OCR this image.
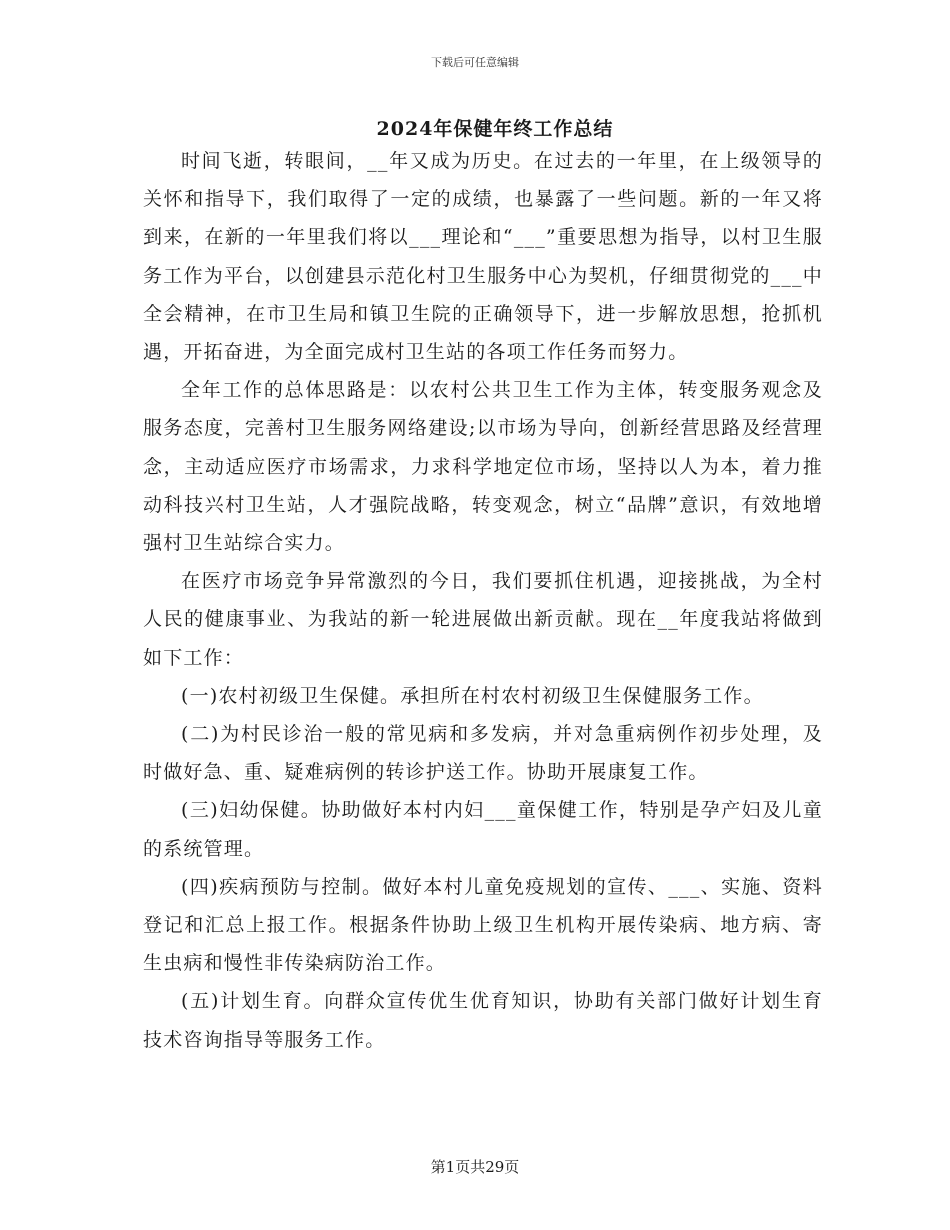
下载后可任意编辑
2024年保健年终工作总结

时间飞逝，转眼间，__年又成为历史。在过去的一年里，在上级领导的关怀和指导下，我们取得了一定的成绩，也暴露了一些问题。新的一年又将到来，在新的一年里我们将以___理论和“___”重要思想为指导，以村卫生服务工作为平台，以创建县示范化村卫生服务中心为契机，仔细贯彻党的___中全会精神，在市卫生局和镇卫生院的正确领导下，进一步解放思想，抢抓机遇，开拓奋进，为全面完成村卫生站的各项工作任务而努力。

全年工作的总体思路是：以农村公共卫生工作为主体，转变服务观念及服务态度，完善村卫生服务网络建设;以市场为导向，创新经营思路及经营理念，主动适应医疗市场需求，力求科学地定位市场，坚持以人为本，着力推动科技兴村卫生站，人才强院战略，转变观念，树立“品牌”意识，有效地增强村卫生站综合实力。

在医疗市场竞争异常激烈的今日，我们要抓住机遇，迎接挑战，为全村人民的健康事业、为我站的新一轮进展做出新贡献。现在__年度我站将做到如下工作：

(一)农村初级卫生保健。承担所在村农村初级卫生保健服务工作。

(二)为村民诊治一般的常见病和多发病，并对急重病例作初步处理，及时做好急、重、疑难病例的转诊护送工作。协助开展康复工作。

(三)妇幼保健。协助做好本村内妇___童保健工作，特别是孕产妇及儿童的系统管理。

(四)疾病预防与控制。做好本村儿童免疫规划的宣传、___、实施、资料登记和汇总上报工作。根据条件协助上级卫生机构开展传染病、地方病、寄生虫病和慢性非传染病防治工作。

(五)计划生育。向群众宣传优生优育知识，协助有关部门做好计划生育技术咨询指导等服务工作。

第1页共29页
